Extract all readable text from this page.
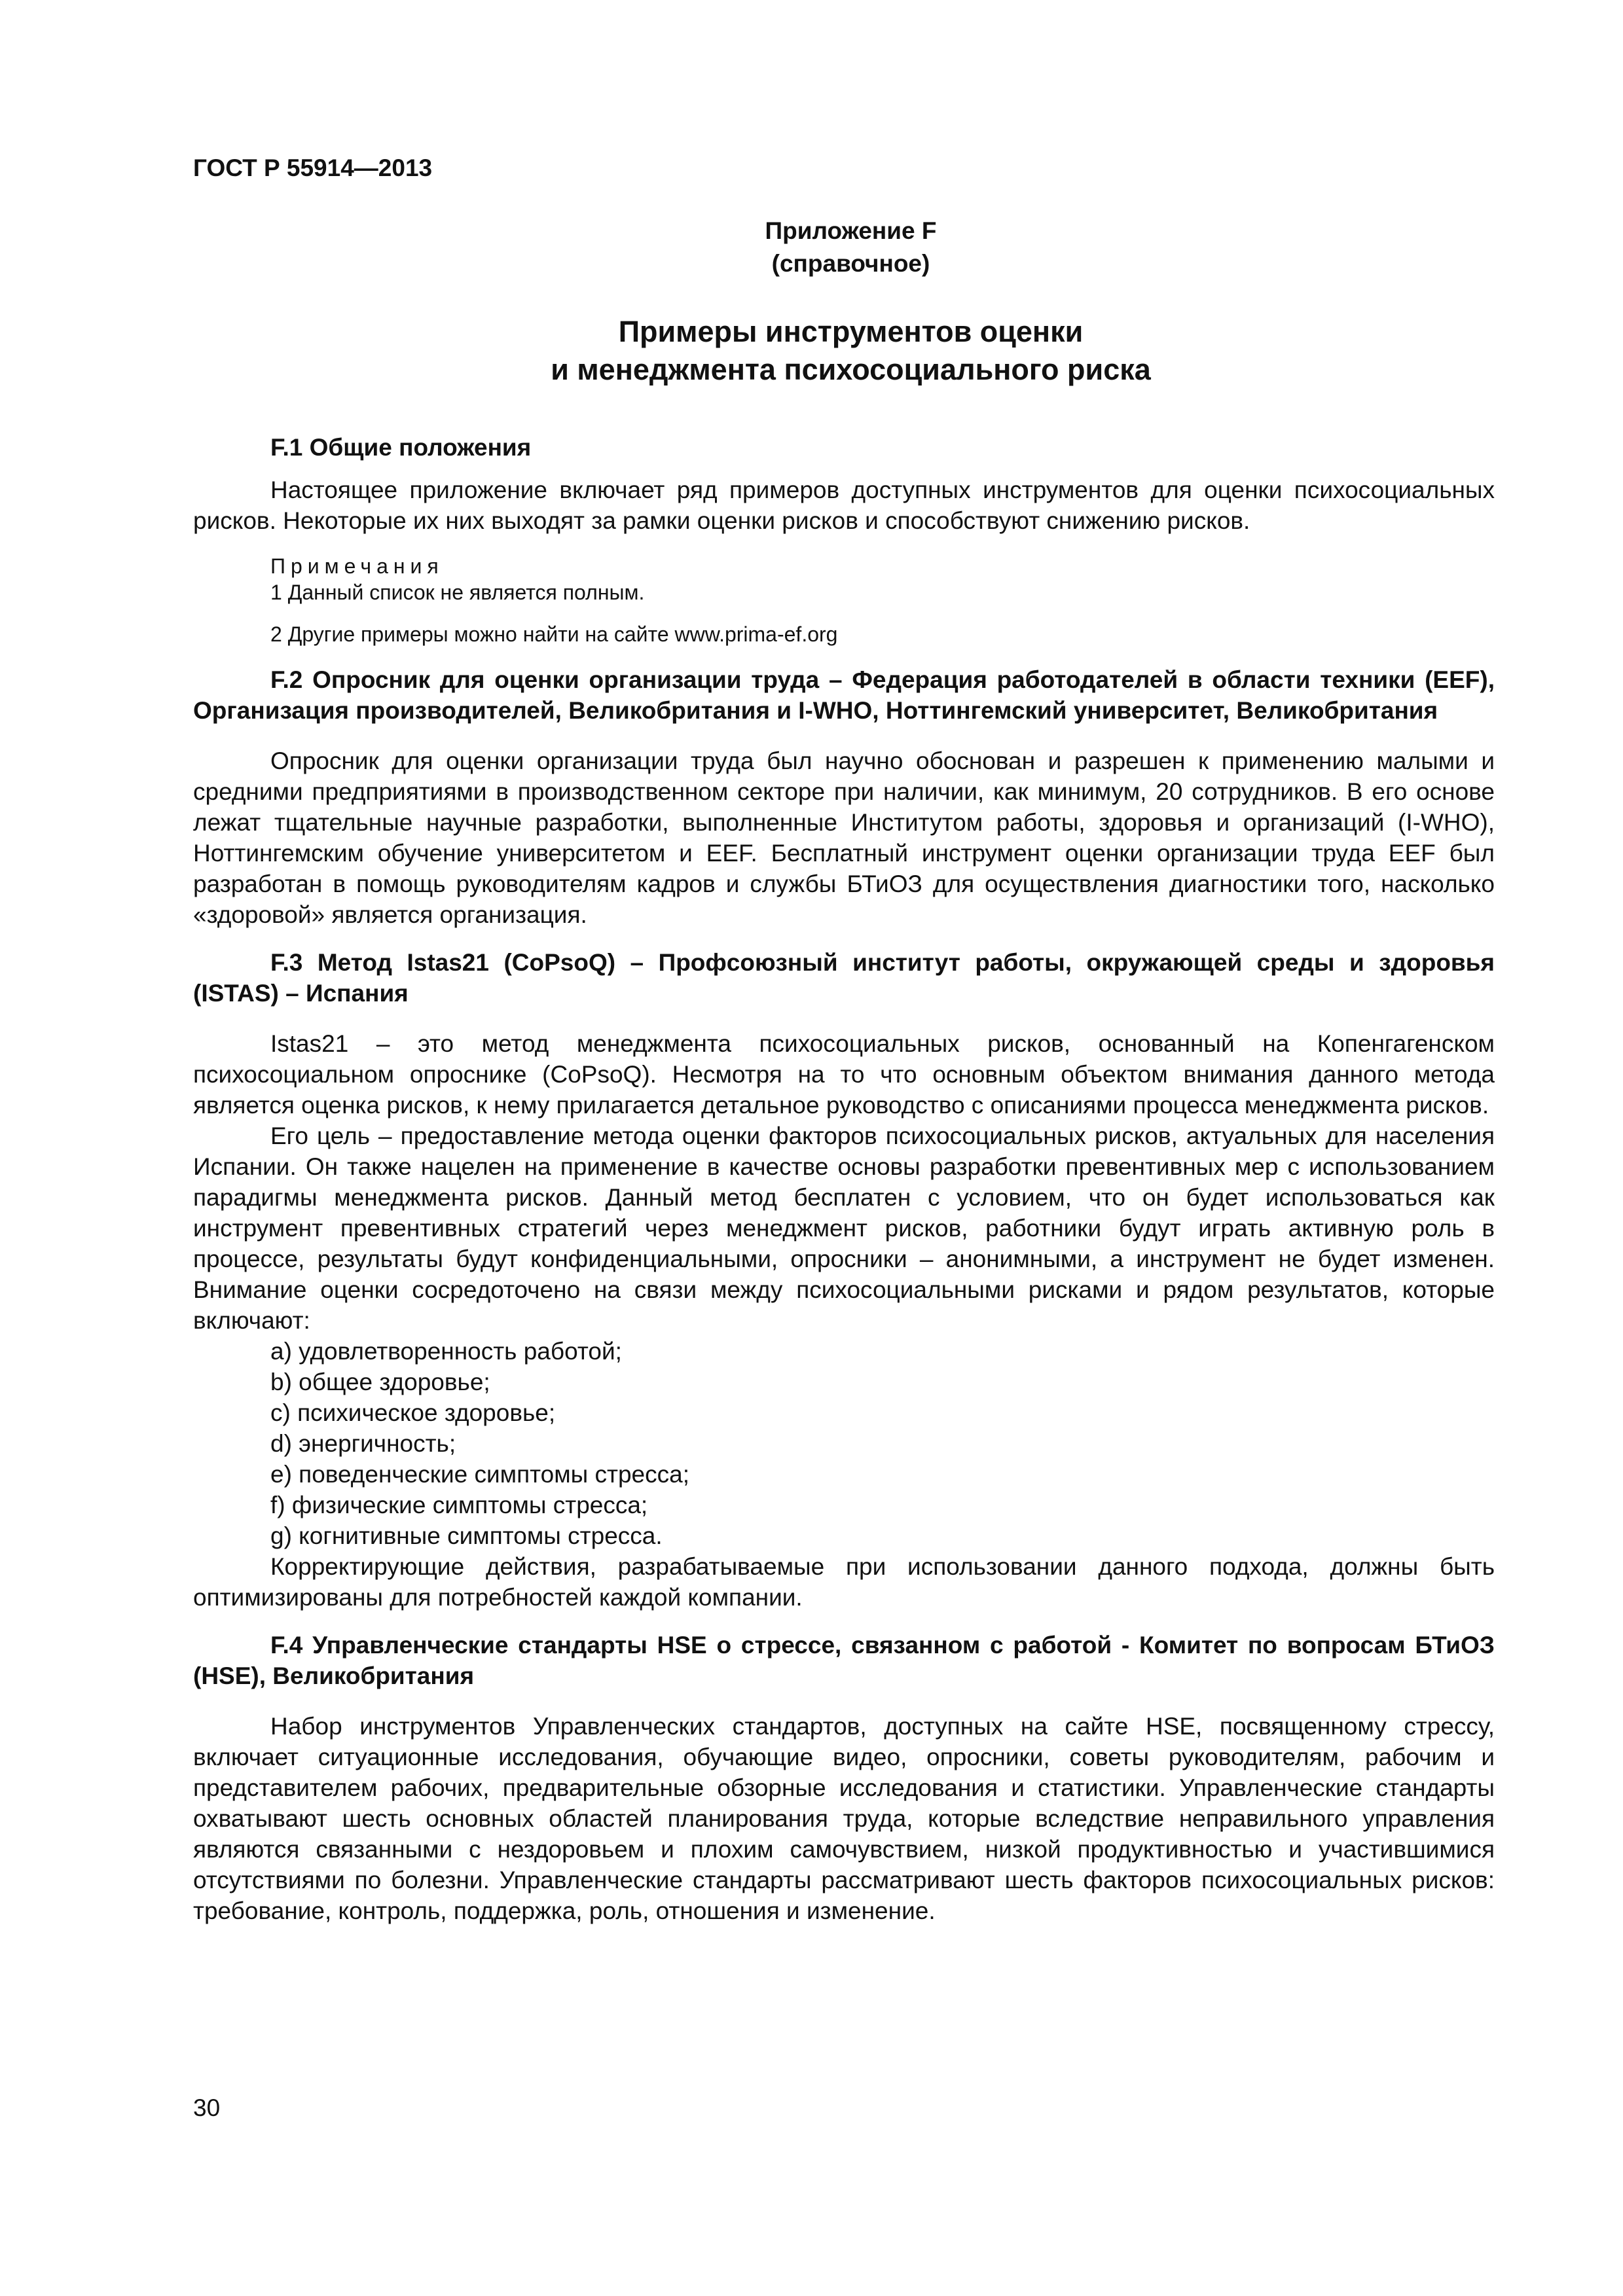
ГОСТ Р 55914—2013
Приложение F
(справочное)
Примеры инструментов оценки
и менеджмента психосоциального риска

F.1 Общие положения

Настоящее приложение включает ряд примеров доступных инструментов для оценки психосоциальных рисков. Некоторые их них выходят за рамки оценки рисков и способствуют снижению рисков.

Примечания

1 Данный список не является полным.

2 Другие примеры можно найти на сайте www.prima-ef.org

F.2 Опросник для оценки организации труда – Федерация работодателей в области техники (EEF), Организация производителей, Великобритания и I-WHO, Ноттингемский университет, Великобритания

Опросник для оценки организации труда был научно обоснован и разрешен к применению малыми и средними предприятиями в производственном секторе при наличии, как минимум, 20 сотрудников. В его основе лежат тщательные научные разработки, выполненные Институтом работы, здоровья и организаций (I-WHO), Ноттингемским обучение университетом и EEF. Бесплатный инструмент оценки организации труда EEF был разработан в помощь руководителям кадров и службы БТиОЗ для осуществления диагностики того, насколько «здоровой» является организация.

F.3 Метод Istas21 (CoPsoQ) – Профсоюзный институт работы, окружающей среды и здоровья (ISTAS) – Испания

Istas21 – это метод менеджмента психосоциальных рисков, основанный на Копенгагенском психосоциальном опроснике (CoPsoQ). Несмотря на то что основным объектом внимания данного метода является оценка рисков, к нему прилагается детальное руководство с описаниями процесса менеджмента рисков.

Его цель – предоставление метода оценки факторов психосоциальных рисков, актуальных для населения Испании. Он также нацелен на применение в качестве основы разработки превентивных мер с использованием парадигмы менеджмента рисков. Данный метод бесплатен с условием, что он будет использоваться как инструмент превентивных стратегий через менеджмент рисков, работники будут играть активную роль в процессе, результаты будут конфиденциальными, опросники – анонимными, а инструмент не будет изменен. Внимание оценки сосредоточено на связи между психосоциальными рисками и рядом результатов, которые включают:

a) удовлетворенность работой;

b) общее здоровье;

c) психическое здоровье;

d) энергичность;

e) поведенческие симптомы стресса;

f) физические симптомы стресса;

g) когнитивные симптомы стресса.

Корректирующие действия, разрабатываемые при использовании данного подхода, должны быть оптимизированы для потребностей каждой компании.

F.4 Управленческие стандарты HSE о стрессе, связанном с работой - Комитет по вопросам БТиОЗ (HSE), Великобритания

Набор инструментов Управленческих стандартов, доступных на сайте HSE, посвященному стрессу, включает ситуационные исследования, обучающие видео, опросники, советы руководителям, рабочим и представителем рабочих, предварительные обзорные исследования и статистики. Управленческие стандарты охватывают шесть основных областей планирования труда, которые вследствие неправильного управления являются связанными с нездоровьем и плохим самочувствием, низкой продуктивностью и участившимися отсутствиями по болезни. Управленческие стандарты рассматривают шесть факторов психосоциальных рисков: требование, контроль, поддержка, роль, отношения и изменение.

30
